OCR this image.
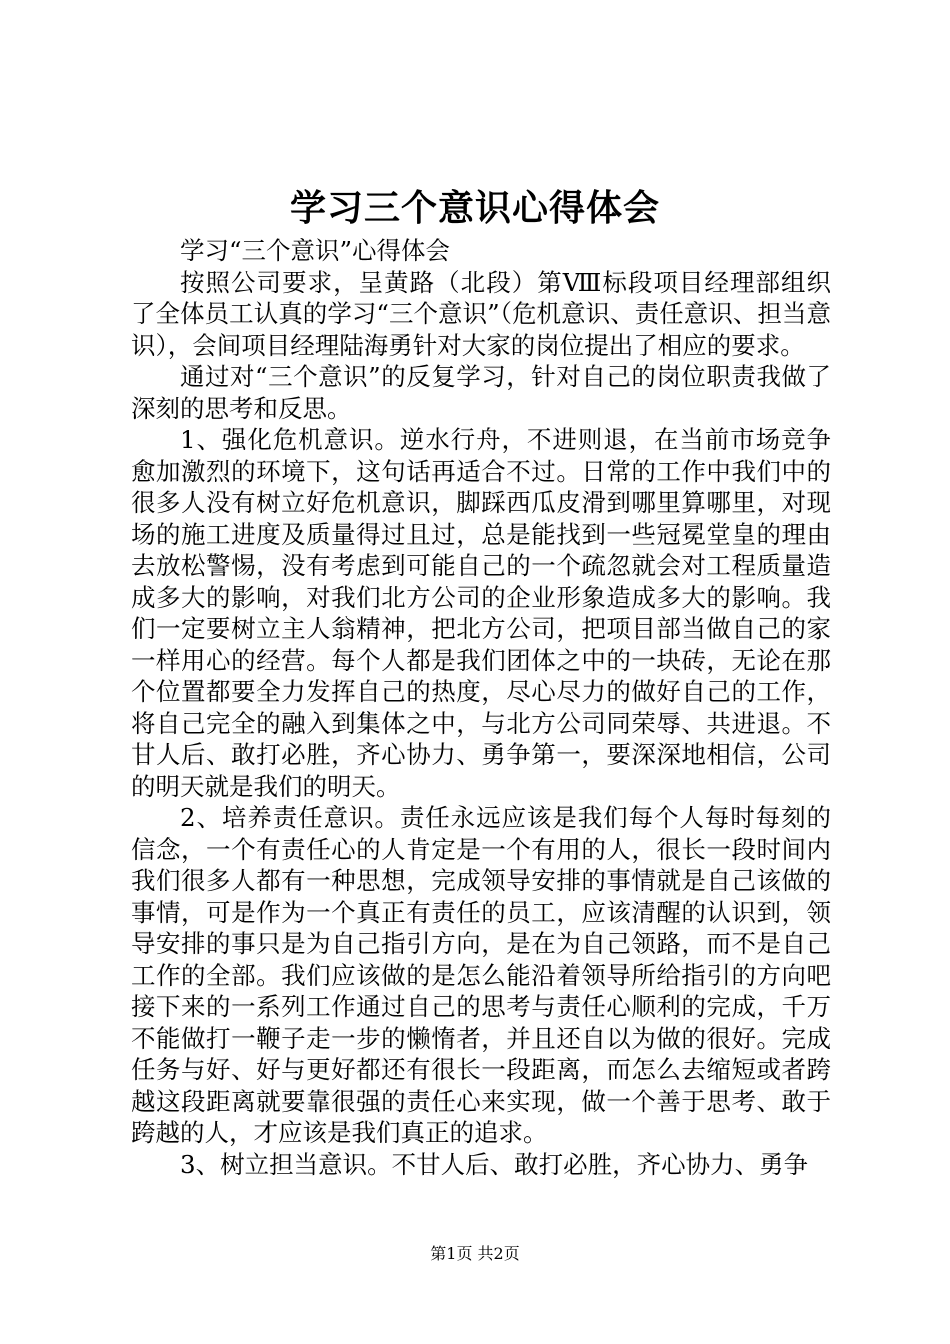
学习三个意识心得体会

学习“三个意识”心得体会

按照公司要求，呈黄路（北段）第Ⅷ标段项目经理部组织了全体员工认真的学习“三个意识”（危机意识、责任意识、担当意识），会间项目经理陆海勇针对大家的岗位提出了相应的要求。

通过对“三个意识”的反复学习，针对自己的岗位职责我做了深刻的思考和反思。

1、强化危机意识。逆水行舟，不进则退，在当前市场竞争愈加激烈的环境下，这句话再适合不过。日常的工作中我们中的很多人没有树立好危机意识，脚踩西瓜皮滑到哪里算哪里，对现场的施工进度及质量得过且过，总是能找到一些冠冕堂皇的理由去放松警惕，没有考虑到可能自己的一个疏忽就会对工程质量造成多大的影响，对我们北方公司的企业形象造成多大的影响。我们一定要树立主人翁精神，把北方公司，把项目部当做自己的家一样用心的经营。每个人都是我们团体之中的一块砖，无论在那个位置都要全力发挥自己的热度，尽心尽力的做好自己的工作，将自己完全的融入到集体之中，与北方公司同荣辱、共进退。不甘人后、敢打必胜，齐心协力、勇争第一，要深深地相信，公司的明天就是我们的明天。

2、培养责任意识。责任永远应该是我们每个人每时每刻的信念，一个有责任心的人肯定是一个有用的人，很长一段时间内我们很多人都有一种思想，完成领导安排的事情就是自己该做的事情，可是作为一个真正有责任的员工，应该清醒的认识到，领导安排的事只是为自己指引方向，是在为自己领路，而不是自己工作的全部。我们应该做的是怎么能沿着领导所给指引的方向吧接下来的一系列工作通过自己的思考与责任心顺利的完成，千万不能做打一鞭子走一步的懒惰者，并且还自以为做的很好。完成任务与好、好与更好都还有很长一段距离，而怎么去缩短或者跨越这段距离就要靠很强的责任心来实现，做一个善于思考、敢于跨越的人，才应该是我们真正的追求。

3、树立担当意识。不甘人后、敢打必胜，齐心协力、勇争

第1页 共2页
